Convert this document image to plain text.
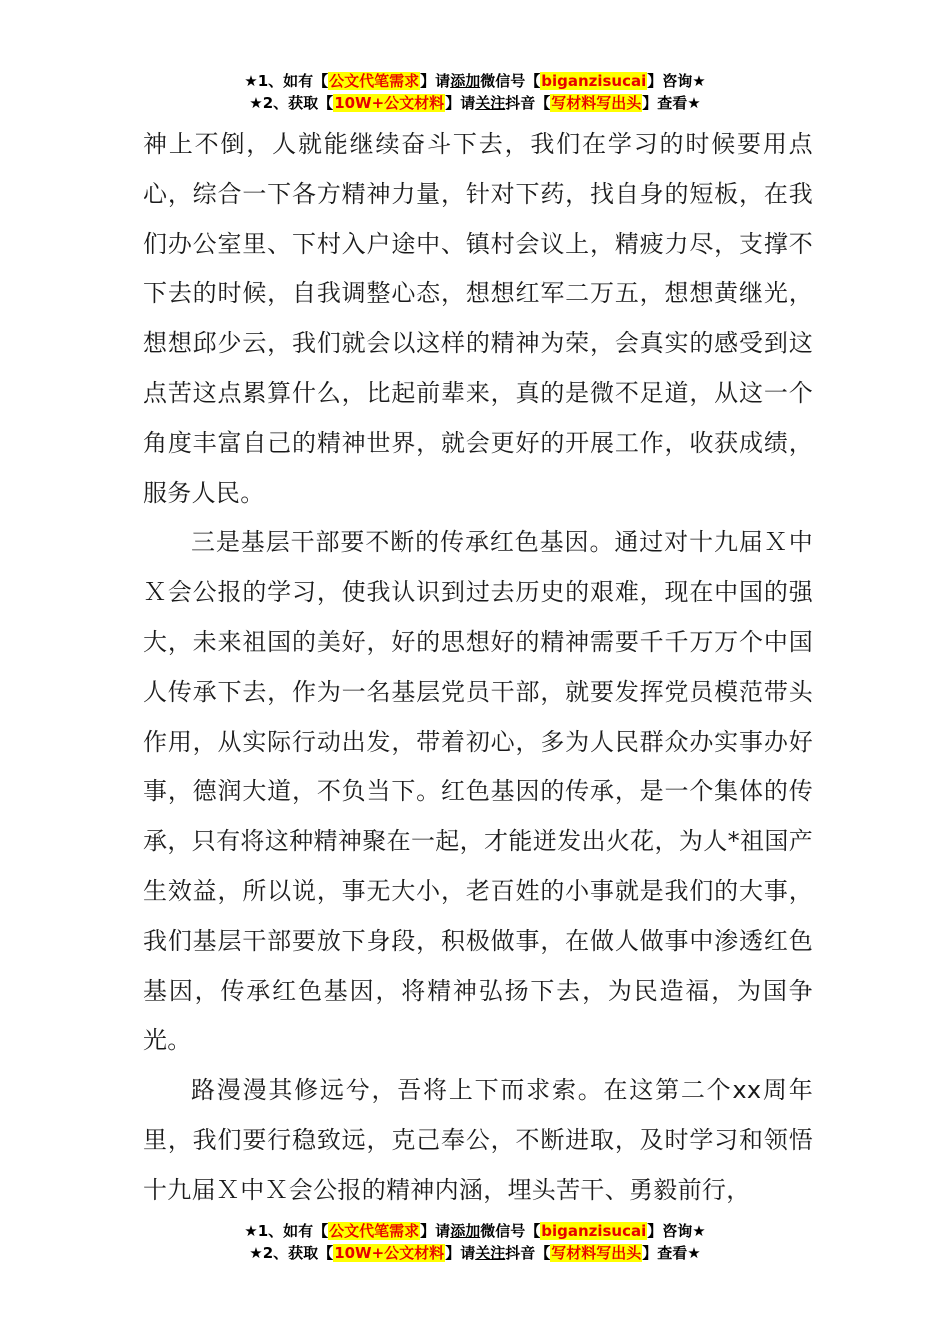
★1、如有【公文代笔需求】请添加微信号【biganzisucai】咨询★
★2、获取【10W+公文材料】请关注抖音【写材料写出头】查看★

神上不倒，人就能继续奋斗下去，我们在学习的时候要用点心，综合一下各方精神力量，针对下药，找自身的短板，在我们办公室里、下村入户途中、镇村会议上，精疲力尽，支撑不下去的时候，自我调整心态，想想红军二万五，想想黄继光，想想邱少云，我们就会以这样的精神为荣，会真实的感受到这点苦这点累算什么，比起前辈来，真的是微不足道，从这一个角度丰富自己的精神世界，就会更好的开展工作，收获成绩，服务人民。

三是基层干部要不断的传承红色基因。通过对十九届Ｘ中Ｘ会公报的学习，使我认识到过去历史的艰难，现在中国的强大，未来祖国的美好，好的思想好的精神需要千千万万个中国人传承下去，作为一名基层党员干部，就要发挥党员模范带头作用，从实际行动出发，带着初心，多为人民群众办实事办好事，德润大道，不负当下。红色基因的传承，是一个集体的传承，只有将这种精神聚在一起，才能迸发出火花，为人*祖国产生效益，所以说，事无大小，老百姓的小事就是我们的大事，我们基层干部要放下身段，积极做事，在做人做事中渗透红色基因，传承红色基因，将精神弘扬下去，为民造福，为国争光。

路漫漫其修远兮，吾将上下而求索。在这第二个xx周年里，我们要行稳致远，克己奉公，不断进取，及时学习和领悟十九届Ｘ中Ｘ会公报的精神内涵，埋头苦干、勇毅前行，

★1、如有【公文代笔需求】请添加微信号【biganzisucai】咨询★
★2、获取【10W+公文材料】请关注抖音【写材料写出头】查看★
